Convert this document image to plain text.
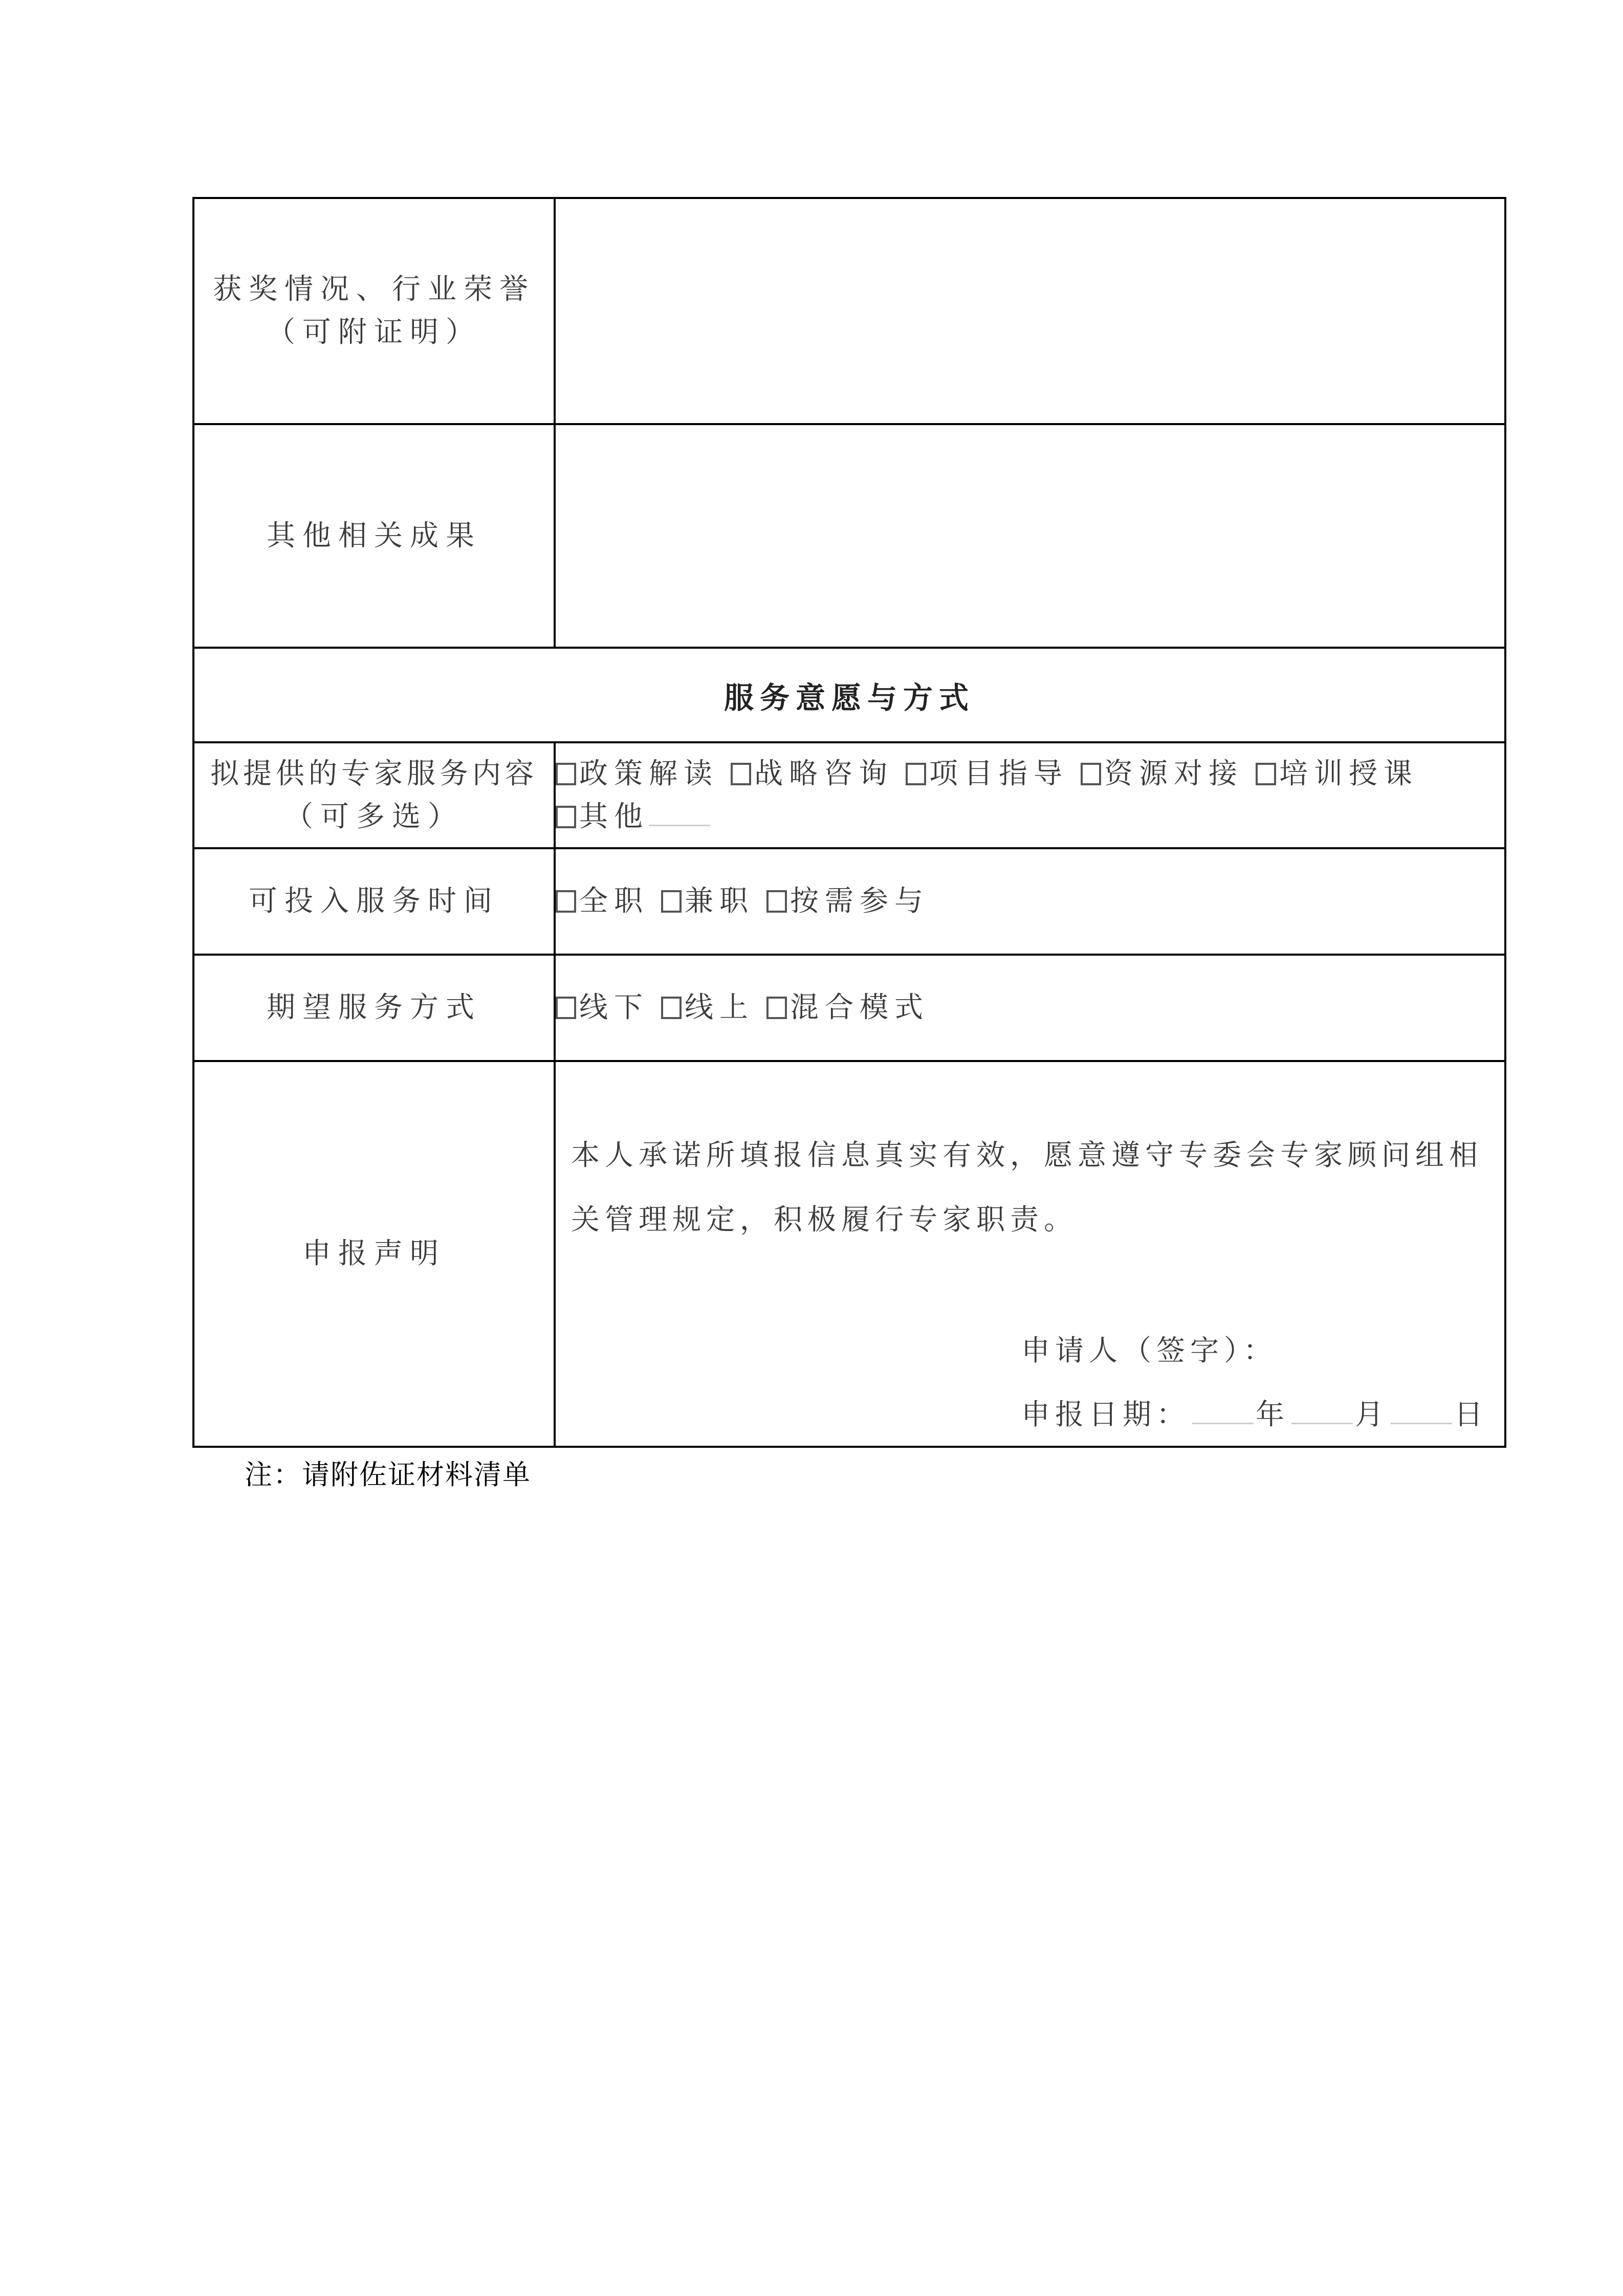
获奖情况、行业荣誉
（可附证明）	

其他相关成果	
服务意愿与方式	

拟提供的专家服务内容
（可多选）
	政策解读 战略咨询 项目指导 资源对接 培训授课
其他
可投入服务时间	全职 兼职 按需参与
期望服务方式	线下 线上 混合模式
申报声明	本人承诺所填报信息真实有效，愿意遵守专委会专家顾问组相关管理规定，积极履行专家职责。
申请人（签字）：
申报日期： 年 月 日
注：请附佐证材料清单
